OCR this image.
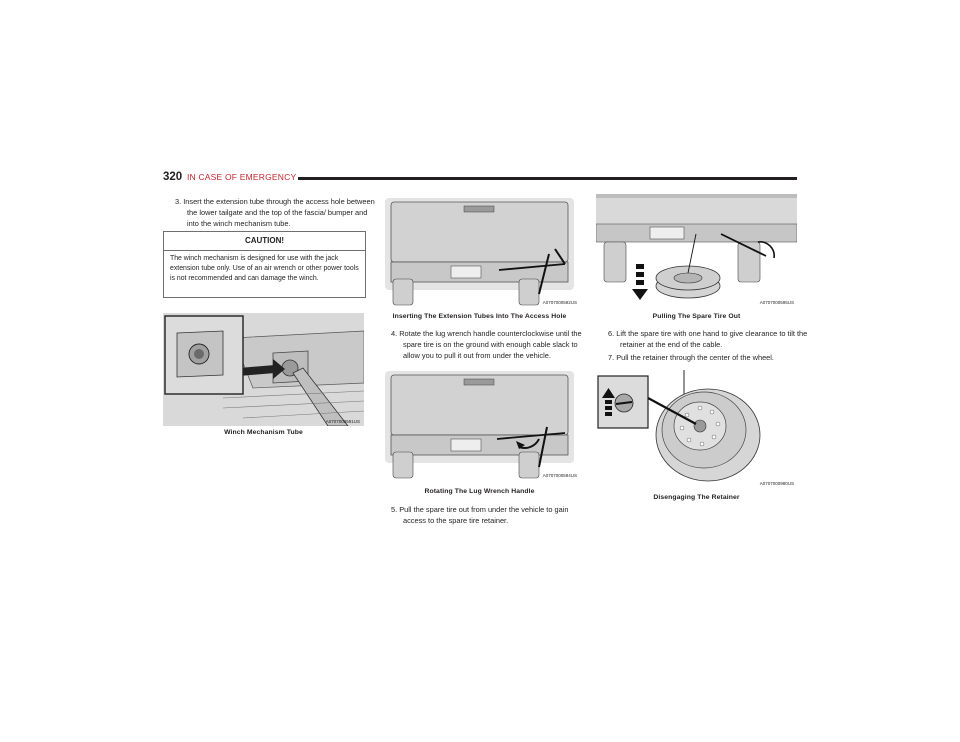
320 IN CASE OF EMERGENCY
3. Insert the extension tube through the access hole between the lower tailgate and the top of the fascia/ bumper and into the winch mechanism tube.
CAUTION!
The winch mechanism is designed for use with the jack extension tube only. Use of an air wrench or other power tools is not recommended and can damage the winch.
A0707000591US
Winch Mechanism Tube
A0707000592US
Inserting The Extension Tubes Into The Access Hole
4. Rotate the lug wrench handle counterclockwise until the spare tire is on the ground with enough cable slack to allow you to pull it out from under the vehicle.
A0707000594US
Rotating The Lug Wrench Handle
5. Pull the spare tire out from under the vehicle to gain access to the spare tire retainer.
A0707000595US
Pulling The Spare Tire Out
6. Lift the spare tire with one hand to give clearance to tilt the retainer at the end of the cable.
7. Pull the retainer through the center of the wheel.
A0707000980US
Disengaging The Retainer
